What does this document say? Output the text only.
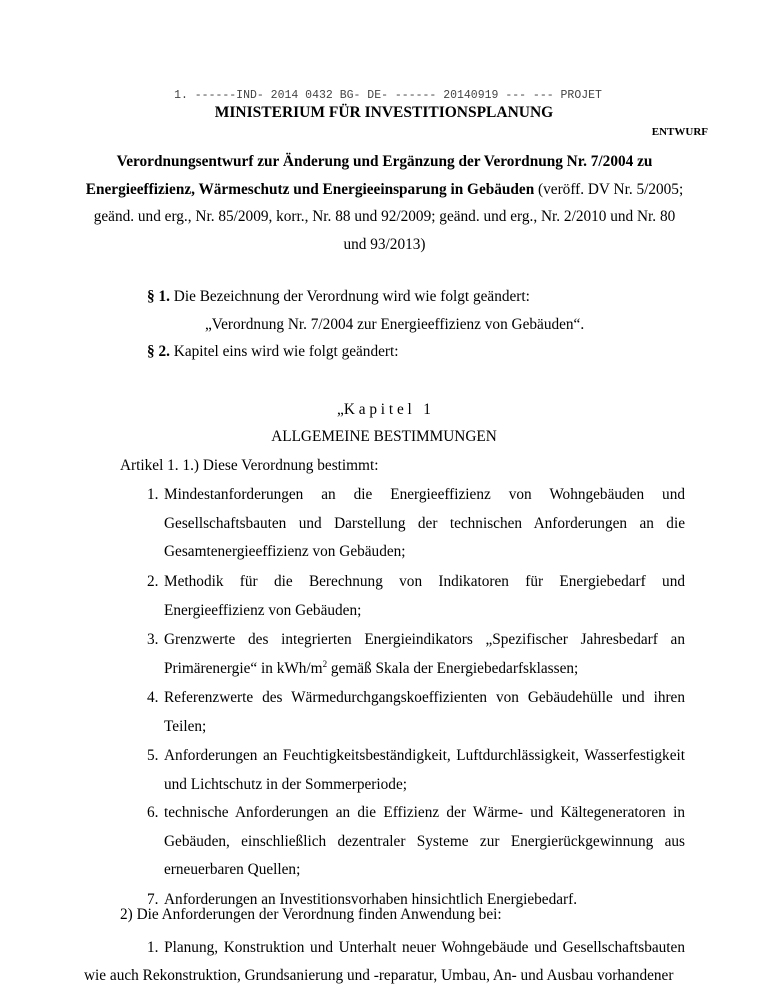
1. ------IND- 2014 0432 BG- DE- ------ 20140919 --- --- PROJET
MINISTERIUM FÜR INVESTITIONSPLANUNG
ENTWURF
Verordnungsentwurf zur Änderung und Ergänzung der Verordnung Nr. 7/2004 zu Energieeffizienz, Wärmeschutz und Energieeinsparung in Gebäuden (veröff. DV Nr. 5/2005; geänd. und erg., Nr. 85/2009, korr., Nr. 88 und 92/2009; geänd. und erg., Nr. 2/2010 und Nr. 80 und 93/2013)
§ 1. Die Bezeichnung der Verordnung wird wie folgt geändert:
„Verordnung Nr. 7/2004 zur Energieeffizienz von Gebäuden“.
§ 2. Kapitel eins wird wie folgt geändert:
„K a p i t e l   1
ALLGEMEINE BESTIMMUNGEN
Artikel 1. 1.) Diese Verordnung bestimmt:
1. Mindestanforderungen an die Energieeffizienz von Wohngebäuden und Gesellschaftsbauten und Darstellung der technischen Anforderungen an die Gesamtenergieeffizienz von Gebäuden;
2. Methodik für die Berechnung von Indikatoren für Energiebedarf und Energieeffizienz von Gebäuden;
3. Grenzwerte des integrierten Energieindikators „Spezifischer Jahresbedarf an Primärenergie“ in kWh/$m^2$ gemäß Skala der Energiebedarfsklassen;
4. Referenzwerte des Wärmedurchgangskoeffizienten von Gebäudehülle und ihren Teilen;
5. Anforderungen an Feuchtigkeitsbeständigkeit, Luftdurchlässigkeit, Wasserfestigkeit und Lichtschutz in der Sommerperiode;
6. technische Anforderungen an die Effizienz der Wärme- und Kältegeneratoren in Gebäuden, einschließlich dezentraler Systeme zur Energierückgewinnung aus erneuerbaren Quellen;
7. Anforderungen an Investitionsvorhaben hinsichtlich Energiebedarf.
2) Die Anforderungen der Verordnung finden Anwendung bei:
1. Planung, Konstruktion und Unterhalt neuer Wohngebäude und Gesellschaftsbauten wie auch Rekonstruktion, Grundsanierung und -reparatur, Umbau, An- und Ausbau vorhandener
